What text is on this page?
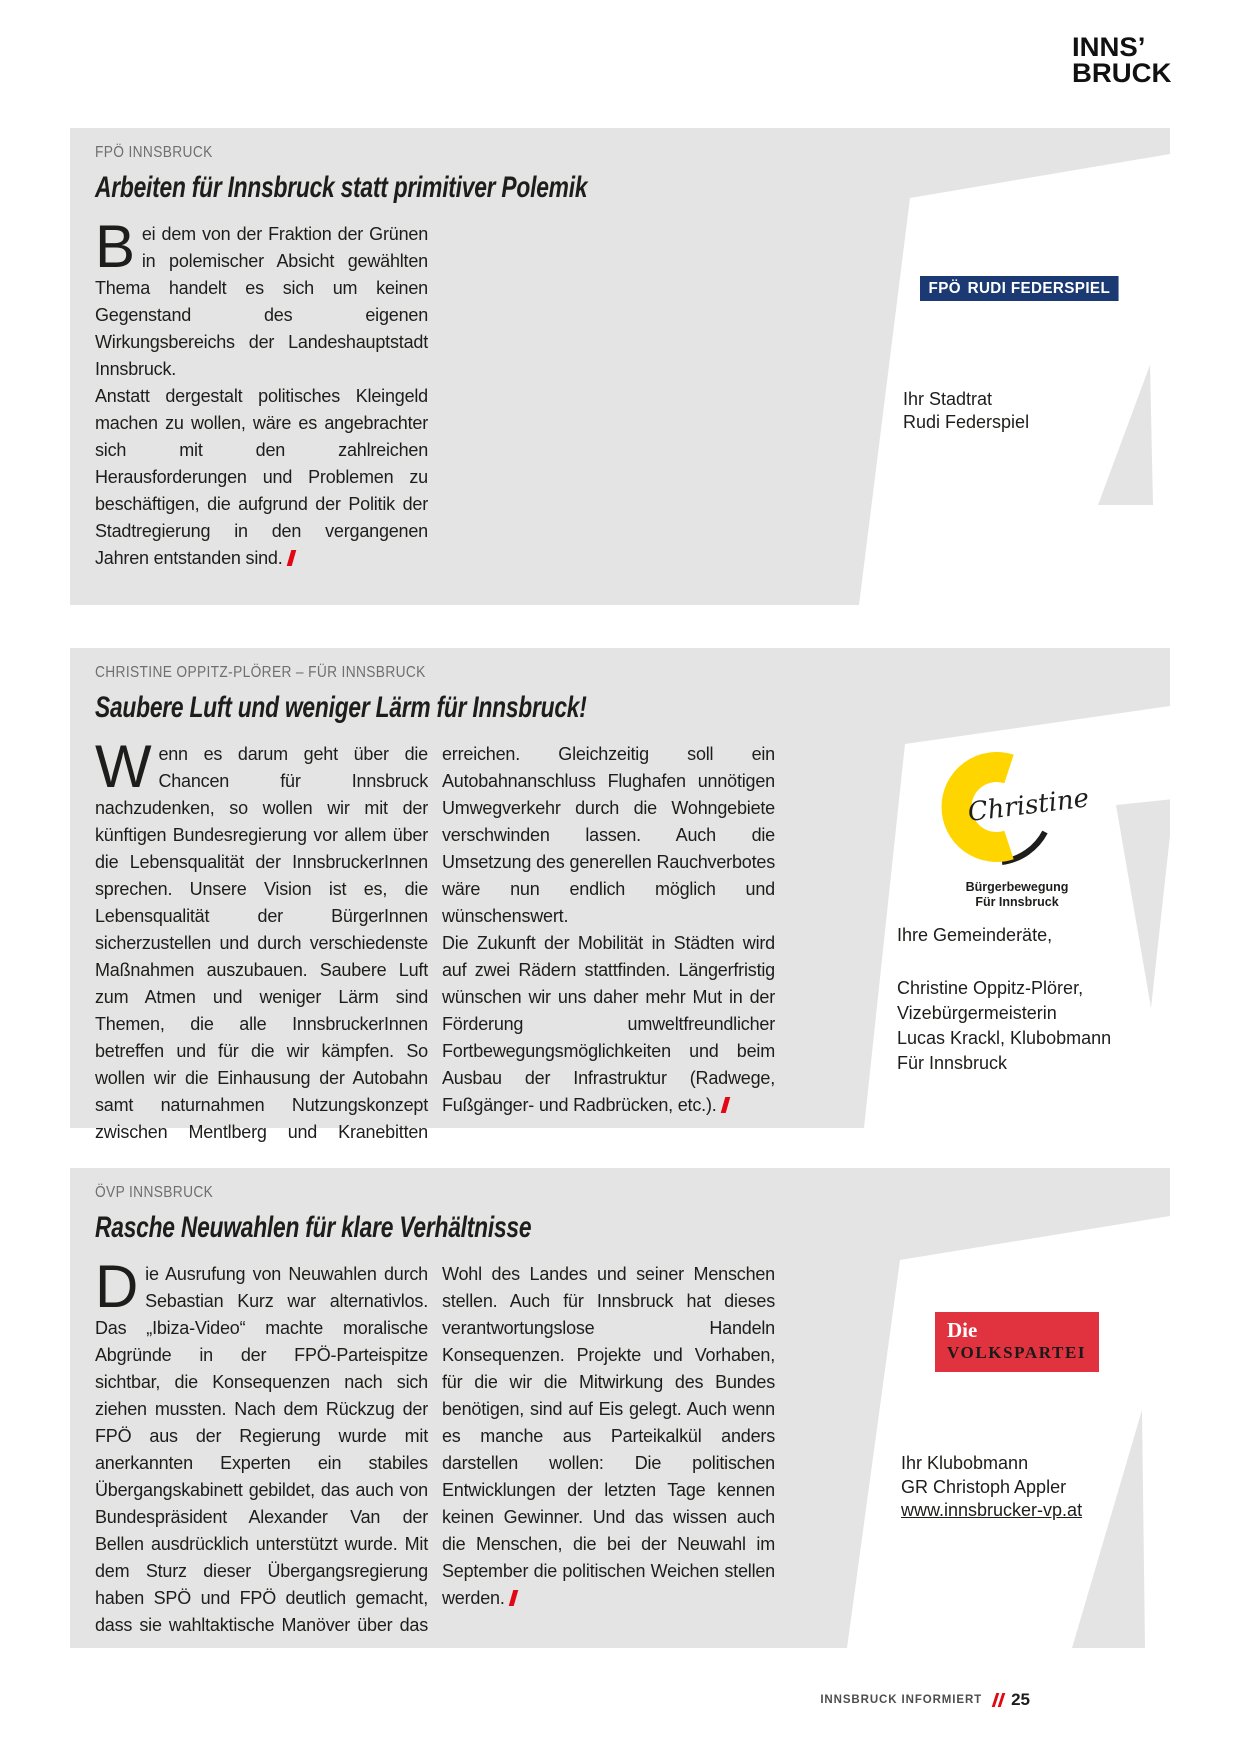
INNS’
BRUCK
FPÖ INNSBRUCK
Arbeiten für Innsbruck statt primitiver Polemik

Bei dem von der Fraktion der Grünen in polemischer Absicht gewählten Thema handelt es sich um keinen Gegenstand des eigenen Wirkungsbereichs der Landeshauptstadt Innsbruck.

Anstatt dergestalt politisches Kleingeld machen zu wollen, wäre es angebrachter sich mit den zahlreichen Herausforderungen und Problemen zu beschäftigen, die aufgrund der Politik der Stadtregierung in den vergangenen Jahren entstanden sind.

FPÖ RUDI FEDERSPIEL
Ihr Stadtrat
Rudi Federspiel
CHRISTINE OPPITZ-PLÖRER – FÜR INNSBRUCK
Saubere Luft und weniger Lärm für Innsbruck!

Wenn es darum geht über die Chancen für Innsbruck nachzudenken, so wollen wir mit der künftigen Bundesregierung vor allem über die Lebensqualität der InnsbruckerInnen sprechen. Unsere Vision ist es, die Lebensqualität der BürgerInnen sicherzustellen und durch verschiedenste Maßnahmen auszubauen. Saubere Luft zum Atmen und weniger Lärm sind Themen, die alle InnsbruckerInnen betreffen und für die wir kämpfen. So wollen wir die Einhausung der Autobahn samt naturnahmen Nutzungskonzept zwischen Mentlberg und Kranebitten erreichen. Gleichzeitig soll ein Autobahnanschluss Flughafen unnötigen Umwegverkehr durch die Wohngebiete verschwinden lassen. Auch die Umsetzung des generellen Rauchverbotes wäre nun endlich möglich und wünschenswert.

Die Zukunft der Mobilität in Städten wird auf zwei Rädern stattfinden. Längerfristig wünschen wir uns daher mehr Mut in der Förderung umweltfreundlicher Fortbewegungsmöglichkeiten und beim Ausbau der Infrastruktur (Radwege, Fußgänger- und Radbrücken, etc.).

Christine
Bürgerbewegung
Für Innsbruck
Ihre Gemeinderäte,
Christine Oppitz-Plörer,
Vizebürgermeisterin
Lucas Krackl, Klubobmann
Für Innsbruck
ÖVP INNSBRUCK
Rasche Neuwahlen für klare Verhältnisse

Die Ausrufung von Neuwahlen durch Sebastian Kurz war alternativlos. Das „Ibiza-Video“ machte moralische Abgründe in der FPÖ-Parteispitze sichtbar, die Konsequenzen nach sich ziehen mussten. Nach dem Rückzug der FPÖ aus der Regierung wurde mit anerkannten Experten ein stabiles Übergangskabinett gebildet, das auch von Bundespräsident Alexander Van der Bellen ausdrücklich unterstützt wurde. Mit dem Sturz dieser Übergangsregierung haben SPÖ und FPÖ deutlich gemacht, dass sie wahltaktische Manöver über das Wohl des Landes und seiner Menschen stellen. Auch für Innsbruck hat dieses verantwortungslose Handeln Konsequenzen. Projekte und Vorhaben, für die wir die Mitwirkung des Bundes benötigen, sind auf Eis gelegt. Auch wenn es manche aus Parteikalkül anders darstellen wollen: Die politischen Entwicklungen der letzten Tage kennen keinen Gewinner. Und das wissen auch die Menschen, die bei der Neuwahl im September die politischen Weichen stellen werden.

Die
VOLKSPARTEI
Ihr Klubobmann
GR Christoph Appler
www.innsbrucker-vp.at
INNSBRUCK INFORMIERT 25
